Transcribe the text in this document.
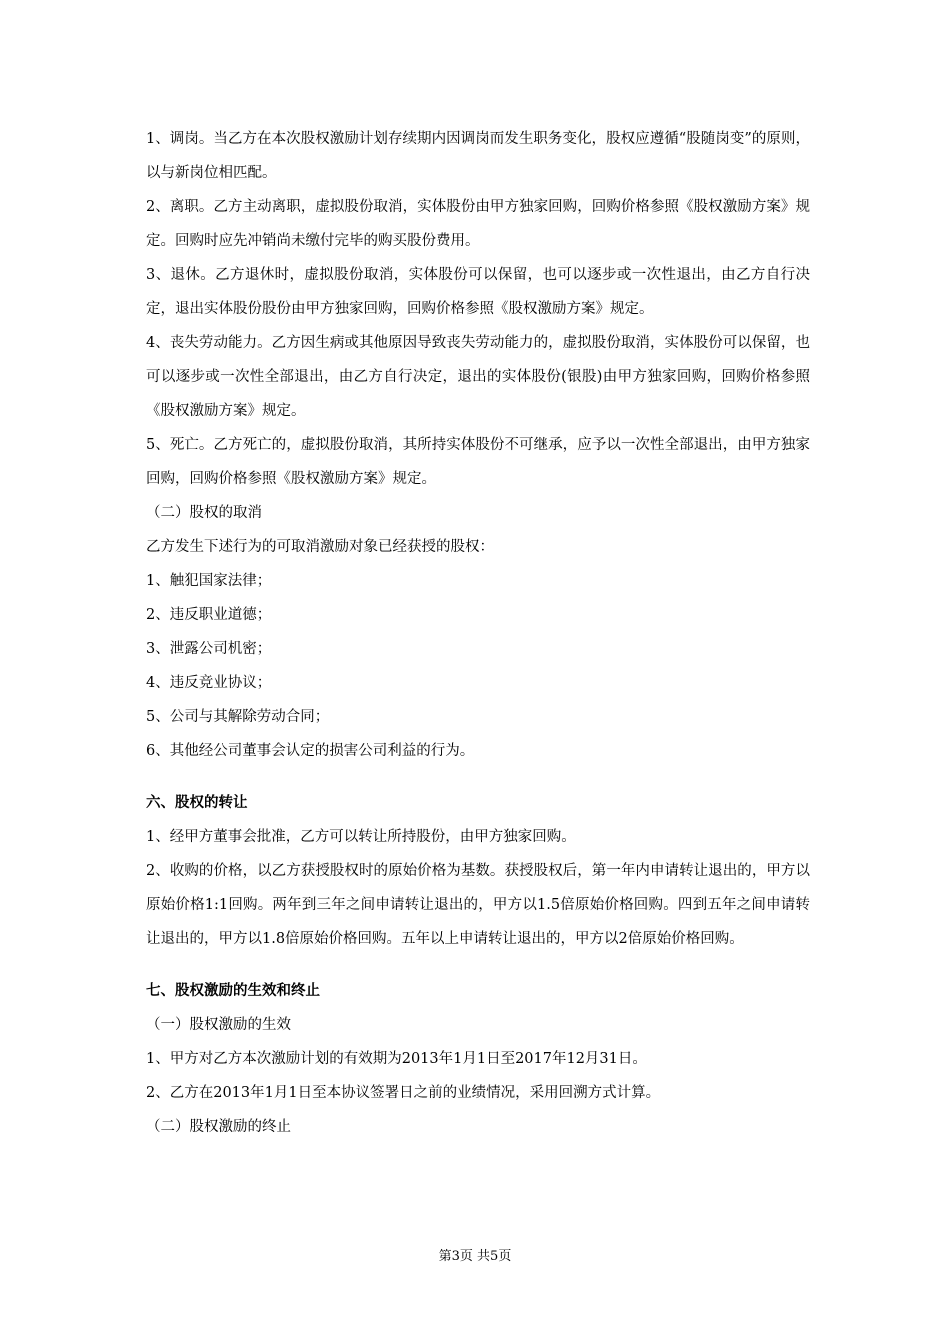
1、调岗。当乙方在本次股权激励计划存续期内因调岗而发生职务变化，股权应遵循“股随岗变”的原则，以与新岗位相匹配。

2、离职。乙方主动离职，虚拟股份取消，实体股份由甲方独家回购，回购价格参照《股权激励方案》规定。回购时应先冲销尚未缴付完毕的购买股份费用。

3、退休。乙方退休时，虚拟股份取消，实体股份可以保留，也可以逐步或一次性退出，由乙方自行决定，退出实体股份股份由甲方独家回购，回购价格参照《股权激励方案》规定。

4、丧失劳动能力。乙方因生病或其他原因导致丧失劳动能力的，虚拟股份取消，实体股份可以保留，也可以逐步或一次性全部退出，由乙方自行决定，退出的实体股份(银股)由甲方独家回购，回购价格参照《股权激励方案》规定。

5、死亡。乙方死亡的，虚拟股份取消，其所持实体股份不可继承，应予以一次性全部退出，由甲方独家回购，回购价格参照《股权激励方案》规定。

（二）股权的取消

乙方发生下述行为的可取消激励对象已经获授的股权：

1、触犯国家法律；

2、违反职业道德；

3、泄露公司机密；

4、违反竞业协议；

5、公司与其解除劳动合同；

6、其他经公司董事会认定的损害公司利益的行为。

六、股权的转让

1、经甲方董事会批准，乙方可以转让所持股份，由甲方独家回购。

2、收购的价格，以乙方获授股权时的原始价格为基数。获授股权后，第一年内申请转让退出的，甲方以原始价格1:1回购。两年到三年之间申请转让退出的，甲方以1.5倍原始价格回购。四到五年之间申请转让退出的，甲方以1.8倍原始价格回购。五年以上申请转让退出的，甲方以2倍原始价格回购。

七、股权激励的生效和终止

（一）股权激励的生效

1、甲方对乙方本次激励计划的有效期为2013年1月1日至2017年12月31日。

2、乙方在2013年1月1日至本协议签署日之前的业绩情况，采用回溯方式计算。

（二）股权激励的终止

第3页 共5页
